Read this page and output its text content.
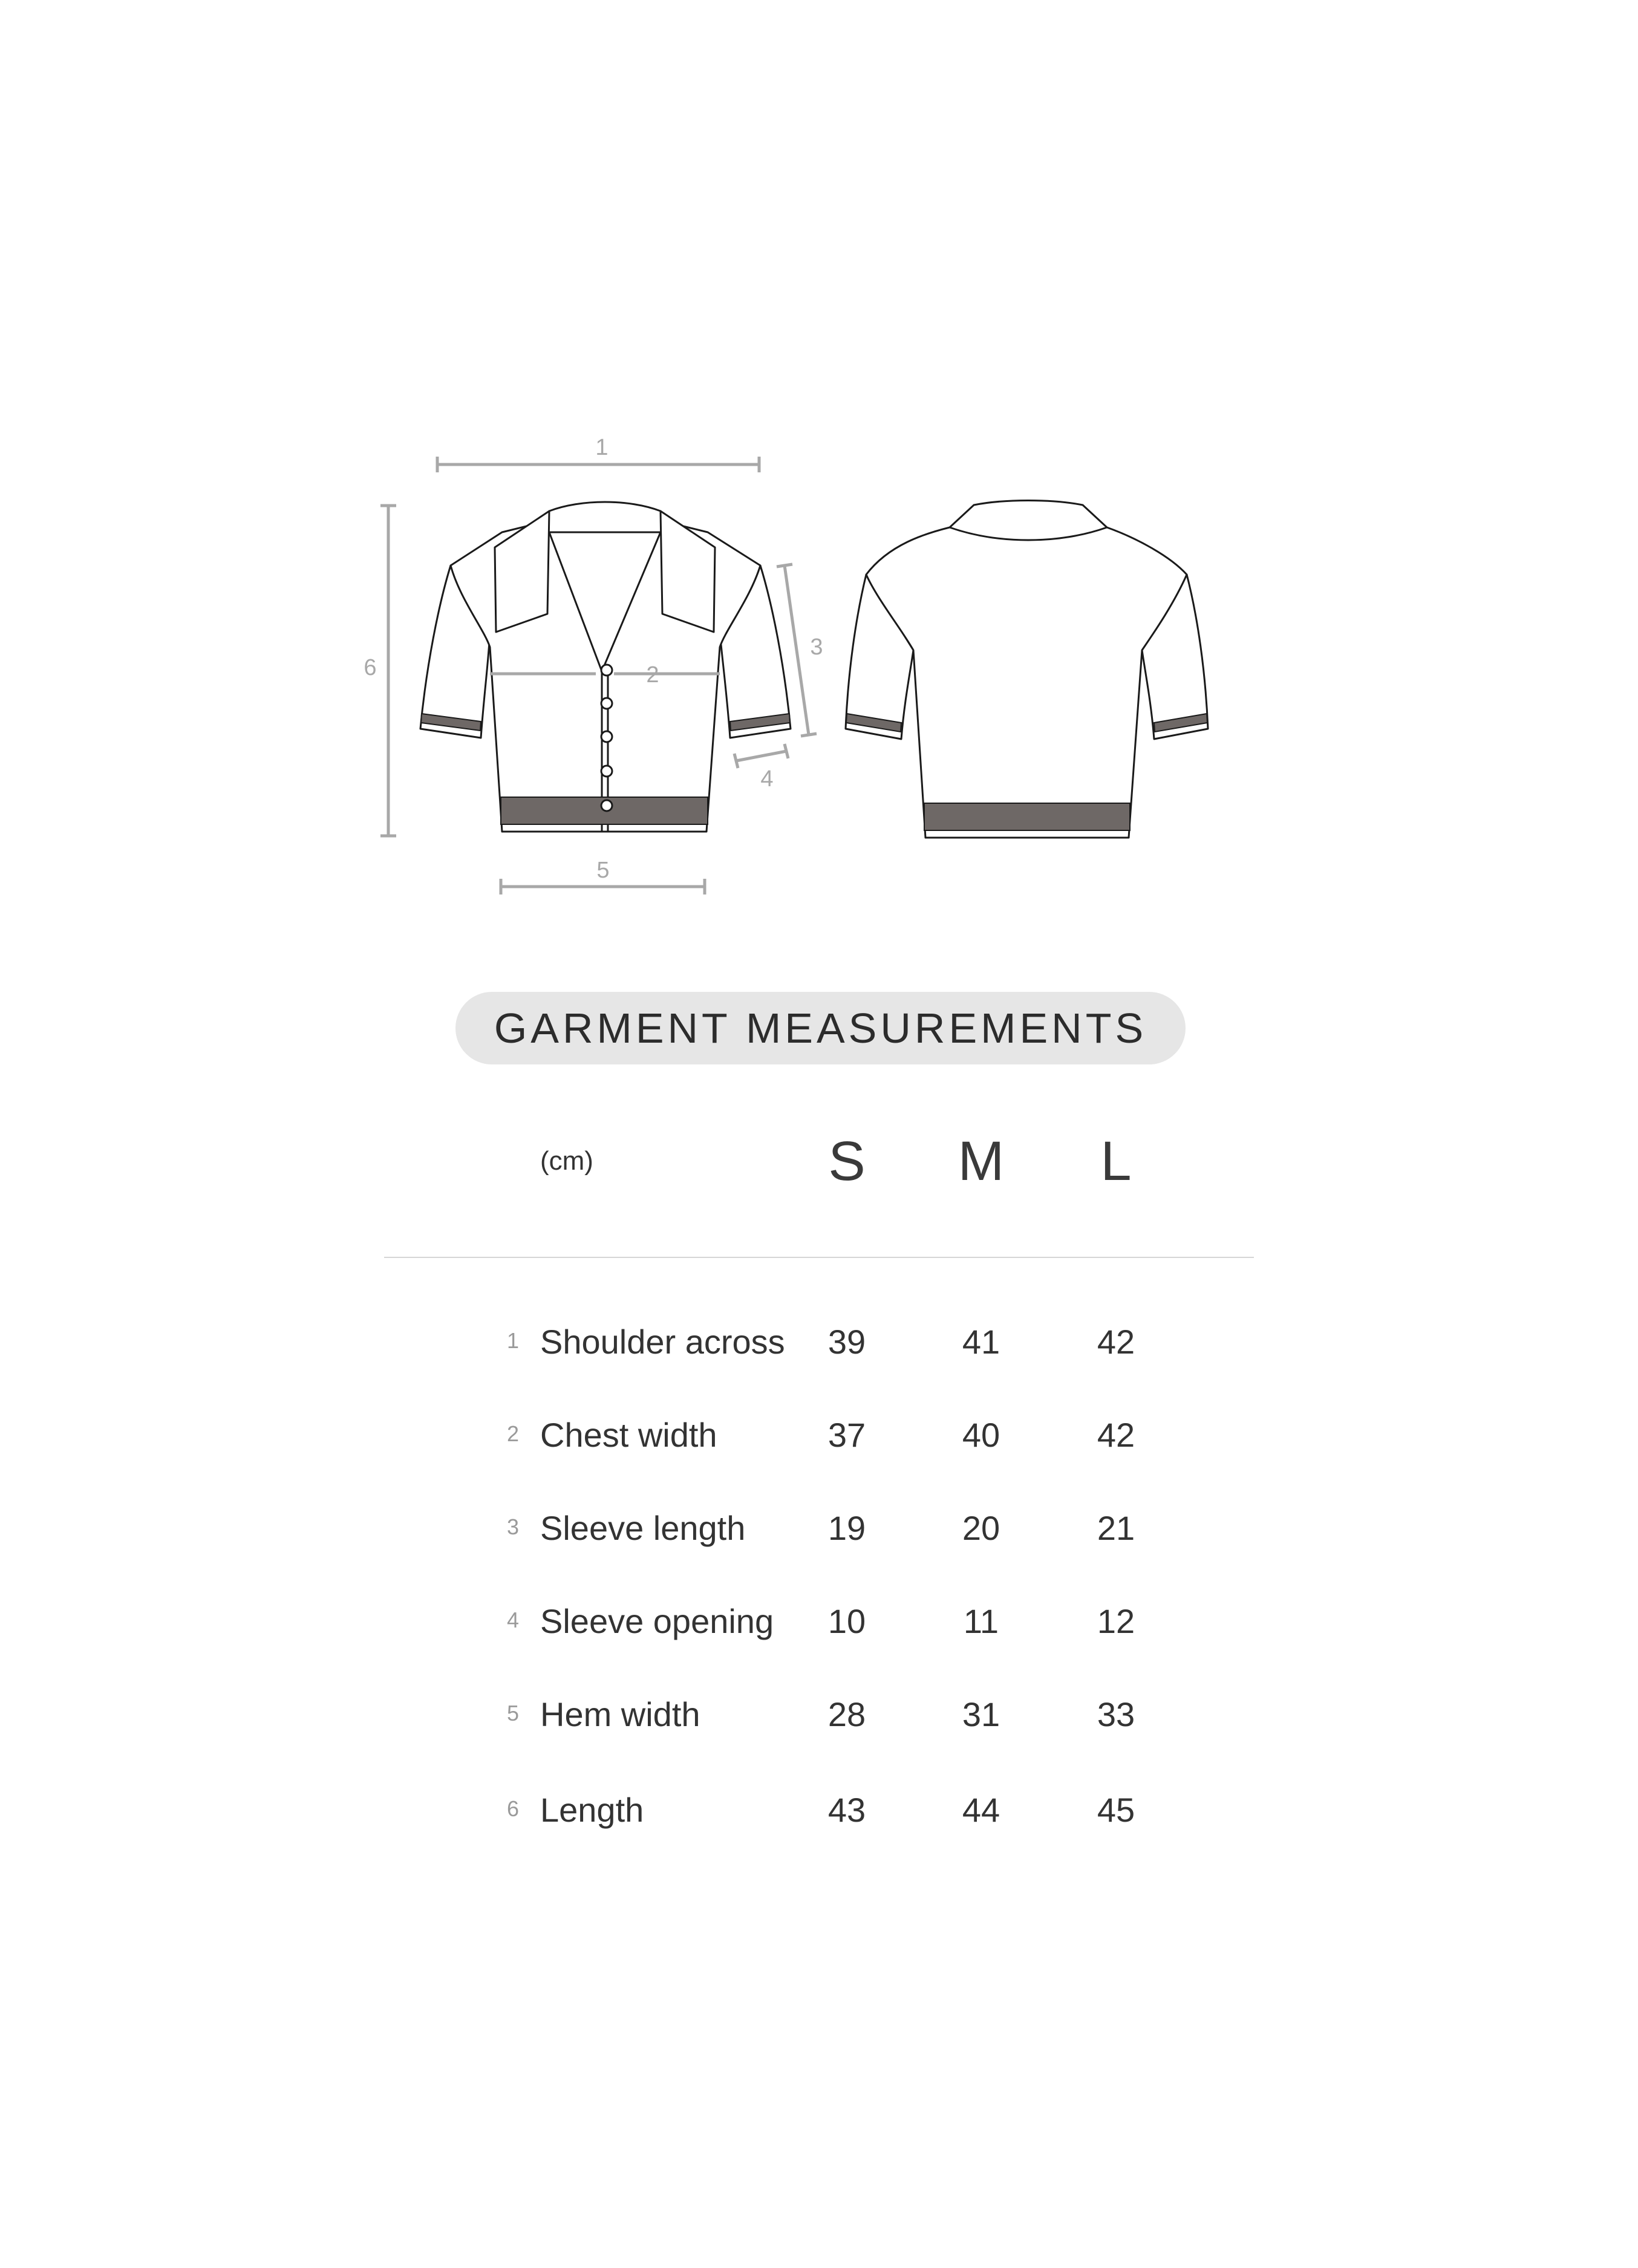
1
2
3
4
5
6
GARMENT MEASUREMENTS
(cm)	S	M	L
1 Shoulder across	39	41	42
2 Chest width	37	40	42
3 Sleeve length	19	20	21
4 Sleeve opening	10	11	12
5 Hem width	28	31	33
6 Length	43	44	45
